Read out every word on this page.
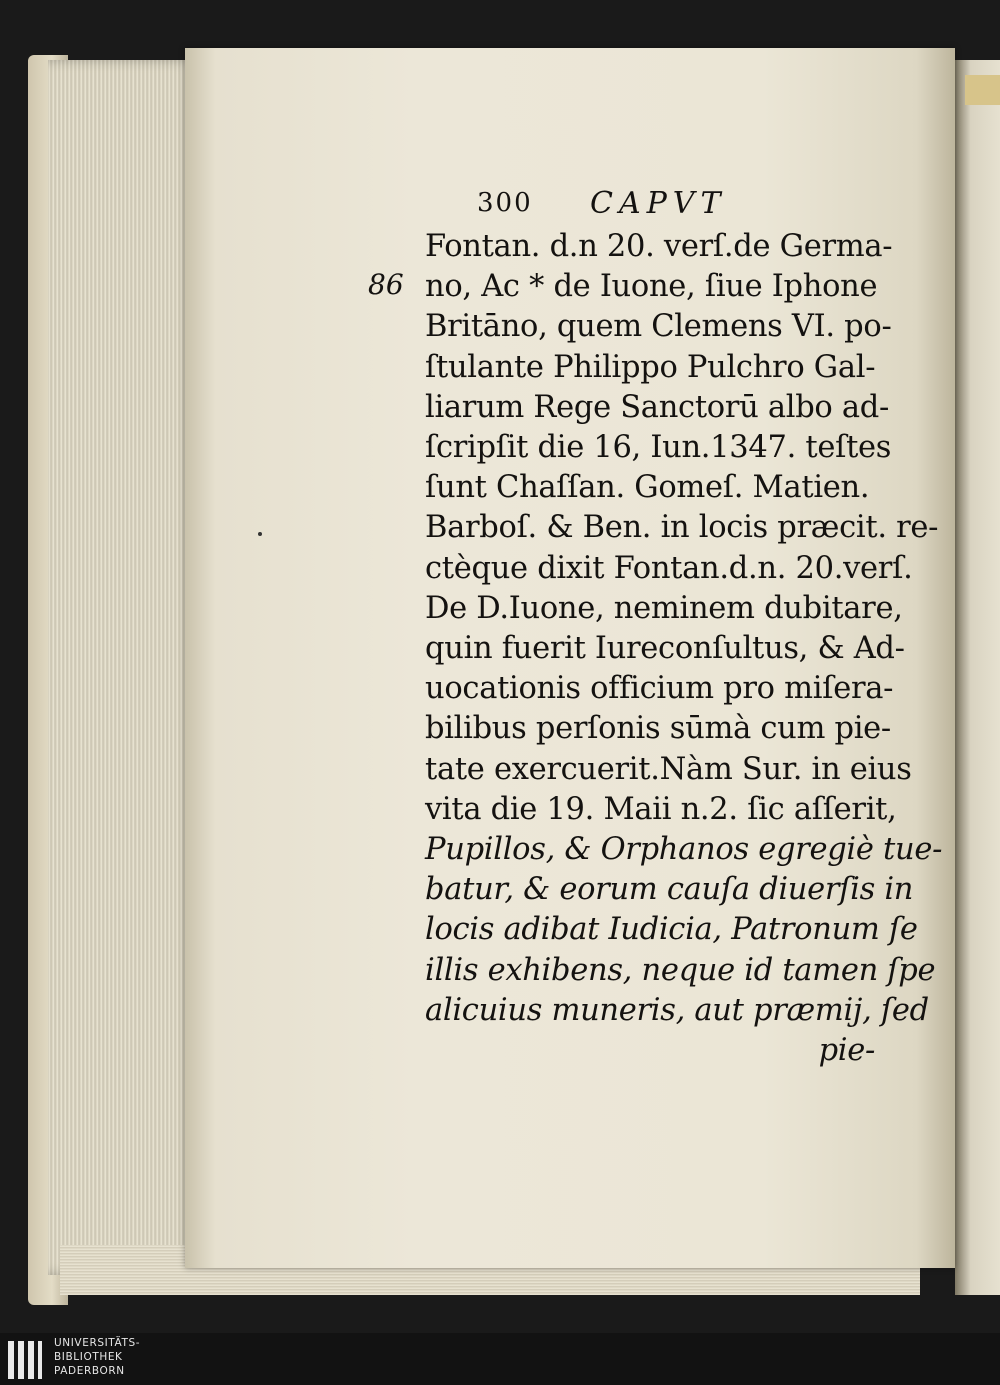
86
300 CAPVT
Fontan. d.n 20. verſ.de Germa-
no, Ac * de Iuone, ſiue Iphone
Britāno, quem Clemens VI. po-
ſtulante Philippo Pulchro Gal-
liarum Rege Sanctorū albo ad-
ſcripſit die 16, Iun.1347. teſtes
ſunt Chaſſan. Gomeſ. Matien.
Barboſ. & Ben. in locis præcit. re-
ctèque dixit Fontan.d.n. 20.verſ.
De D.Iuone, neminem dubitare,
quin fuerit Iureconſultus, & Ad-
uocationis officium pro miſera-
bilibus perſonis sūmà cum pie-
tate exercuerit.Nàm Sur. in eius
vita die 19. Maii n.2. ſic aſſerit,
Pupillos, & Orphanos egregiè tue-
batur, & eorum cauſa diuerſis in
locis adibat Iudicia, Patronum ſe
illis exhibens, neque id tamen ſpe
alicuius muneris, aut præmij, ſed
pie-
UNIVERSITÄTS-
BIBLIOTHEK
PADERBORN
